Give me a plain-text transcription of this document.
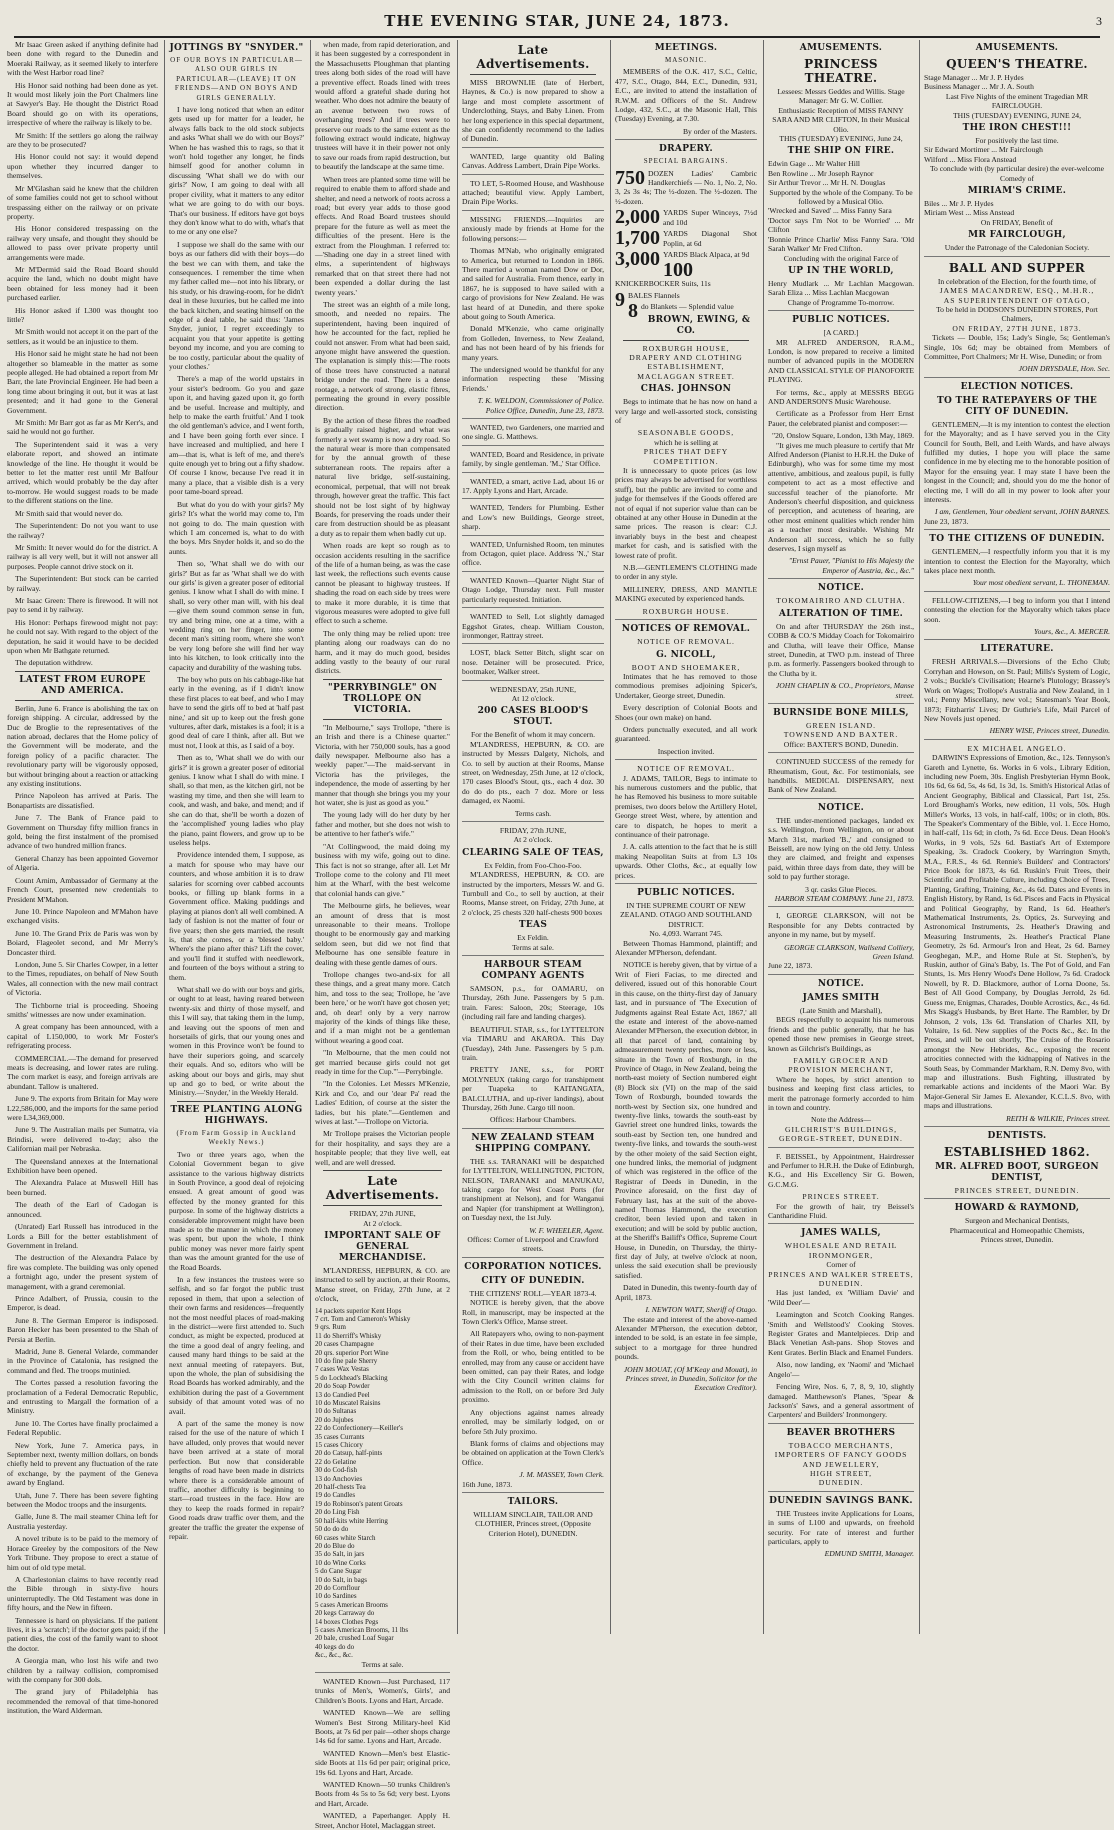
THE EVENING STAR, JUNE 24, 1873.	3

Mr Isaac Green asked if anything definite had been done with regard to the Dunedin and Moeraki Railway, as it seemed likely to interfere with the West Harbor road line?

His Honor said nothing had been done as yet. It would most likely join the Port Chalmers line at Sawyer's Bay. He thought the District Road Board should go on with its operations, irrespective of where the railway is likely to be.

Mr Smith: If the settlers go along the railway are they to be prosecuted?

His Honor could not say: it would depend upon whether they incurred danger to themselves.

Mr M'Glashan said he knew that the children of some families could not get to school without trespassing either on the railway or on private property.

His Honor considered trespassing on the railway very unsafe, and thought they should be allowed to pass over private property until arrangements were made.

Mr M'Dermid said the Road Board should acquire the land, which no doubt might have been obtained for less money had it been purchased earlier.

His Honor asked if L300 was thought too little?

Mr Smith would not accept it on the part of the settlers, as it would be an injustice to them.

His Honor said he might state he had not been altogether so blameable in the matter as some people alleged. He had obtained a report from Mr Barr, the late Provincial Engineer. He had been a long time about bringing it out, but it was at last presented; and it had gone to the General Government.

Mr Smith: Mr Barr got as far as Mr Kerr's, and said he would not go further.

The Superintendent said it was a very elaborate report, and showed an intimate knowledge of the line. He thought it would be better to let the matter rest until Mr Balfour arrived, which would probably be the day after to-morrow. He would suggest roads to be made to the different stations on the line.

Mr Smith said that would never do.

The Superintendent: Do not you want to use the railway?

Mr Smith: It never would do for the district. A railway is all very well, but it will not answer all purposes. People cannot drive stock on it.

The Superintendent: But stock can be carried by railway.

Mr Isaac Green: There is firewood. It will not pay to send it by railway.

His Honor: Perhaps firewood might not pay: he could not say. With regard to the object of the deputation, he said it would have to be decided upon when Mr Bathgate returned.

The deputation withdrew.

LATEST FROM EUROPE AND AMERICA.

Berlin, June 6. France is abolishing the tax on foreign shipping. A circular, addressed by the Duc de Broglie to the representatives of the nation abroad, declares that the Home policy of the Government will be moderate, and the foreign policy of a pacific character. The revolutionary party will be vigorously opposed, but without bringing about a reaction or attacking any existing institutions.

Prince Napoleon has arrived at Paris. The Bonapartists are dissatisfied.

June 7. The Bank of France paid to Government on Thursday fifty million francs in gold, being the first instalment of the promised advance of two hundred million francs.

General Chanzy has been appointed Governor of Algeria.

Count Arnim, Ambassador of Germany at the French Court, presented new credentials to President M'Mahon.

June 10. Prince Napoleon and M'Mahon have exchanged visits.

June 10. The Grand Prix de Paris was won by Boiard, Flageolet second, and Mr Merry's Doncaster third.

London, June 5. Sir Charles Cowper, in a letter to the Times, repudiates, on behalf of New South Wales, all connection with the new mail contract of Victoria.

The Tichborne trial is proceeding. Shoeing smiths' witnesses are now under examination.

A great company has been announced, with a capital of L150,000, to work Mr Foster's refrigerating process.

COMMERCIAL.—The demand for preserved meats is decreasing, and lower rates are ruling. The corn market is easy, and foreign arrivals are abundant. Tallow is unaltered.

June 9. The exports from Britain for May were L22,586,000, and the imports for the same period were L34,369,000.

June 9. The Australian mails per Sumatra, via Brindisi, were delivered to-day; also the Californian mail per Nebraska.

The Queensland annexes at the International Exhibition have been opened.

The Alexandra Palace at Muswell Hill has been burned.

The death of the Earl of Cadogan is announced.

(Unrated) Earl Russell has introduced in the Lords a Bill for the better establishment of Government in Ireland.

The destruction of the Alexandra Palace by fire was complete. The building was only opened a fortnight ago, under the present system of management, with a grand ceremonial.

Prince Adalbert, of Prussia, cousin to the Emperor, is dead.

June 8. The German Emperor is indisposed. Baron Hecker has been presented to the Shah of Persia at Berlin.

Madrid, June 8. General Velarde, commander in the Province of Catalonia, has resigned the command and fled. The troops mutinied.

The Cortes passed a resolution favoring the proclamation of a Federal Democratic Republic, and entrusting to Margall the formation of a Ministry.

June 10. The Cortes have finally proclaimed a Federal Republic.

New York, June 7. America pays, in September next, twenty million dollars, on bonds chiefly held to prevent any fluctuation of the rate of exchange, by the payment of the Geneva award by England.

Utah, June 7. There has been severe fighting between the Modoc troops and the insurgents.

Galle, June 8. The mail steamer China left for Australia yesterday.

A novel tribute is to be paid to the memory of Horace Greeley by the compositors of the New York Tribune. They propose to erect a statue of him out of old type metal.

A Charlestonian claims to have recently read the Bible through in sixty-five hours uninterruptedly. The Old Testament was done in fifty hours, and the New in fifteen.

Tennessee is hard on physicians. If the patient lives, it is a 'scratch'; if the doctor gets paid; if the patient dies, the cost of the family want to shoot the doctor.

A Georgia man, who lost his wife and two children by a railway collision, compromised with the company for 300 dols.

The grand jury of Philadelphia has recommended the removal of that time-honored institution, the Ward Alderman.

JOTTINGS BY "SNYDER."
OF OUR BOYS IN PARTICULAR—ALSO OUR GIRLS IN PARTICULAR—(LEAVE) IT ON FRIENDS—AND ON BOYS AND GIRLS GENERALLY.

I have long noticed that when an editor gets used up for matter for a leader, he always falls back to the old stock subjects and asks 'What shall we do with our Boys?' When he has washed this to rags, so that it won't hold together any longer, he finds himself good for another column in discussing 'What shall we do with our girls?' Now, I am going to deal with all proper civility, what it matters to any editor what we are going to do with our boys. That's our business. If editors have got boys they don't know what to do with, what's that to me or any one else?

I suppose we shall do the same with our boys as our fathers did with their boys—do the best we can with them, and take the consequences. I remember the time when my father called me—not into his library, or his study, or his drawing-room, for he didn't deal in these luxuries, but he called me into the back kitchen, and seating himself on the edge of a deal table, he said thus: 'James Snyder, junior, I regret exceedingly to acquaint you that your appetite is getting beyond my income, and you are coming to be too costly, particular about the quality of your clothes.'

There's a map of the world upstairs in your sister's bedroom. Go you and gaze upon it, and having gazed upon it, go forth and be useful. Increase and multiply, and help to make the earth fruitful.' And I took the old gentleman's advice, and I went forth, and I have been going forth ever since. I have increased and multiplied, and here I am—that is, what is left of me, and there's quite enough yet to bring out a fifty shadow. Of course I know, because I've read it in many a place, that a visible dish is a very poor tame-board spread.

But what do you do with your girls? My girls? It's what the world may come to, I'm not going to do. The main question with which I am concerned is, what to do with the boys. Mrs Snyder holds it, and so do the aunts.

Then so, 'What shall we do with our girls?' But as far as 'What shall we do with our girls' is given a greater poser of editorial genius. I know what I shall do with mine. I shall, so very other man will, with his deal—give them sound common sense in fun, try and bring mine, one at a time, with a wedding ring on her finger, into some decent man's sitting room, where she won't be very long before she will find her way into his kitchen, to look critically into the capacity and durability of the washing tubs.

The boy who puts on his cabbage-like hat early in the evening, as if I didn't know these first places to eat beef, and who I may have to send the girls off to bed at 'half past nine,' and sit up to keep out the fresh gone vultures, after dark, mistakes is a fool; it is a good deal of care I think, after all. But we must not, I look at this, as I said of a boy.

Then as to, 'What shall we do with our girls?' it is grown a greater poser of editorial genius. I know what I shall do with mine. I shall, so that men, as the kitchen girl, not be wasting my time, and then she will learn to cook, and wash, and bake, and mend; and if she can do that, she'll be worth a dozen of the 'accomplished' young ladies who play the piano, paint flowers, and grow up to be useless helps.

Providence intended them, I suppose, as a match for spouse who may have our counters, and whose ambition it is to draw salaries for scorning over cabbed accounts books, or filling up blank forms in a Government office. Making puddings and playing at pianos don't all well combined. A lady of fashion is not the matter of four or five years; then she gets married, the result is, that she comes, or a 'blessed baby.' Where's the piano after this? Lift the cover, and you'll find it stuffed with needlework, and fourteen of the boys without a string to them.

What shall we do with our boys and girls, or ought to at least, having reared between twenty-six and thirty of those myself, and this I will say, that taking them in the lump, and leaving out the spoons of men and horsetails of girls, that our young ones and women in this Province won't be found to have their superiors going, and scarcely their equals. And so, editors who will be asking about our boys and girls, may shut up and go to bed, or write about the Ministry.—'Snyder,' in the Weekly Herald.

TREE PLANTING ALONG HIGHWAYS.
(From Farm Gossip in Auckland Weekly News.)

Two or three years ago, when the Colonial Government began to give assistance to the various highway districts in South Province, a good deal of rejoicing ensued. A great amount of good was effected by the money granted for this purpose. In some of the highway districts a considerable improvement might have been made as to the manner in which the money was spent, but upon the whole, I think public money was never more fairly spent than was the amount granted for the use of the Road Boards.

In a few instances the trustees were so selfish, and so far forgot the public trust reposed in them, that upon a selection of their own farms and residences—frequently not the most needful places of road-making in the district—were first attended to. Such conduct, as might be expected, produced at the time a good deal of angry feeling, and caused many hard things to be said at the next annual meeting of ratepayers. But, upon the whole, the plan of subsidising the Road Boards has worked admirably, and the exhibition during the past of a Government subsidy of that amount voted was of no avail.

A part of the same the money is now raised for the use of the nature of which I have alluded, only proves that would never have been arrived at a state of moral perfection. But now that considerable lengths of road have been made in districts where there is a considerable amount of traffic, another difficulty is beginning to start—road trustees in the face. How are they to keep the roads formed in repair? Good roads draw traffic over them, and the greater the traffic the greater the expense of repair.

when made, from rapid deterioration, and it has been suggested by a correspondent in the Massachusetts Ploughman that planting trees along both sides of the road will have a preventive effect. Roads lined with trees would afford a grateful shade during hot weather. Who does not admire the beauty of an avenue between two rows of overhanging trees? And if trees were to preserve our roads to the same extent as the following extract would indicate, highway trustees will have it in their power not only to save our roads from rapid destruction, but to beautify the landscape at the same time.

When trees are planted some time will be required to enable them to afford shade and shelter, and need a network of roots across a road; but every year adds to those good effects. And Road Board trustees should prepare for the future as well as meet the difficulties of the present. Here is the extract from the Ploughman. I referred to: —'Shading one day in a street lined with elms, a superintendent of highways remarked that on that street there had not been expended a dollar during the last twenty years.'

The street was an eighth of a mile long, smooth, and needed no repairs. The superintendent, having been inquired of how he accounted for the fact, replied he could not answer. From what had been said, anyone might have answered the question. The explanation is simply this:—The roots of those trees have constructed a natural bridge under the road. There is a dense rootage, a network of strong, elastic fibres, permeating the ground in every possible direction.

By the action of these fibres the roadbed is gradually raised higher, and what was formerly a wet swamp is now a dry road. So the natural wear is more than compensated for by the annual growth of these subterranean roots. The repairs after a natural live bridge, self-sustaining, economical, perpetual, that will not break through, however great the traffic. This fact should not be lost sight of by highway Boards, for preserving the roads under their care from destruction should be as pleasant a duty as to repair them when badly cut up.

When roads are kept so rough as to occasion accidents resulting in the sacrifice of the life of a human being, as was the case last week, the reflections such events cause cannot be pleasant to highway trustees. If shading the road on each side by trees were to make it more durable, it is time that vigorous measures were adopted to give full effect to such a scheme.

The only thing may be relied upon: tree planting along our roadways can do no harm, and it may do much good, besides adding vastly to the beauty of our rural districts.

"PERRYBINGLE" ON TROLLOPE ON VICTORIA.

"In Melbourne," says Trollope, "there is an Irish and there is a Chinese quarter." Victoria, with her 750,000 souls, has a good daily newspaper. Melbourne also has a weekly paper."—The maid-servant in Victoria has the privileges, the independence, the mode of asserting by her manner that though she brings you my your hot water, she is just as good as you."

The young lady will do her duty by her father and mother, but she does not wish to be attentive to her father's wife."

"At Collingwood, the maid doing my business with my wife, going out to dine. This fact is not so strange, after all. Let Mr Trollope come to the colony and I'll meet him at the Wharf, with the best welcome that colonial hands can give."

The Melbourne girls, he believes, wear an amount of dress that is most unreasonable to their means. Trollope thought to be enormously gay and marking seldom seen, but did we not find that Melbourne has one sensible feature in dealing with these gentle dames of ours.

Trollope changes two-and-six for all these things, and a great many more. Catch him, and toss to the sea; Trollope, he 'ave been here,' or he won't have got chosen yet; and, oh dear! only by a very narrow majority of the kinds of things like these, and if a man might not be a gentleman without wearing a good coat.

"In Melbourne, that the men could not get married because girls could not get ready in time for the Cup.'"—Perrybingle.

"In the Colonies. Let Messrs M'Kenzie, Kirk and Co, and our 'dear Pa' read the Ladies' Edition, of course at the sister the ladies, but his plate."—Gentlemen and wives at last."—Trollope on Victoria.

Mr Trollope praises the Victorian people for their hospitality, and says they are a hospitable people; that they live well, eat well, and are well dressed.

Late Advertisements.
FRIDAY, 27th JUNE,
At 2 o'clock.
IMPORTANT SALE OF GENERAL MERCHANDISE.

M'LANDRESS, HEPBURN, & CO. are instructed to sell by auction, at their Rooms, Manse street, on Friday, 27th June, at 2 o'clock,

14 packets superior Kent Hops
7 crt. Tom and Cameron's Whisky
9 qrs. Rum
11 do Sherriff's Whisky
20 cases Champagne
20 qrs. superior Port Wine
10 do fine pale Sherry
7 cases Wax Vestas
5 do Lockhead's Blacking
20 do Soap Powder
13 do Candied Peel
10 do Muscatel Raisins
10 do Sultanas
20 do Jujubes
22 do Confectionery—Keiller's
35 cases Currants
15 cases Chicory
20 do Catsup, half-pints
22 do Gelatine
30 do Cod-fish
13 do Anchovies
20 half-chests Tea
19 do Candles
19 do Robinson's patent Groats
20 do Ling Fish
50 half-kits white Herring
50 do do do
60 cases white Starch
20 do Blue do
35 do Salt, in jars
10 do Wine Corks
5 do Cane Sugar
10 do Salt, in bags
20 do Cornflour
10 do Sardines
5 cases American Brooms
20 kegs Carraway do
14 boxes Clothes Pegs
5 cases American Brooms, 11 lbs
20 bale, crushed Loaf Sugar
40 kegs do do
&c., &c., &c.
Terms at sale.

WANTED Known—Just Purchased, 117 trunks of Men's, Women's, Girls', and Children's Boots. Lyons and Hart, Arcade.

WANTED Known—We are selling Women's Best Strong Military-heel Kid Boots, at 7s 6d per pair—other shops charge 14s 6d for same. Lyons and Hart, Arcade.

WANTED Known—Men's best Elastic-side Boots at 11s 6d per pair; original price, 19s 6d. Lyons and Hart, Arcade.

WANTED Known—50 trunks Children's Boots from 4s 5s to 5s 6d; very best. Lyons and Hart, Arcade.

WANTED, a Paperhanger. Apply H. Street, Anchor Hotel, Maclaggan street.

Late Advertisements.

MISS BROWNLIE (late of Herbert, Haynes, & Co.) is now prepared to show a large and most complete assortment of Underclothing, Stays, and Baby Linen. From her long experience in this special department, she can confidently recommend to the ladies of Dunedin.

WANTED, large quantity old Baling Canvas. Address Lambert, Drain Pipe Works.

TO LET, 5-Roomed House, and Washhouse attached; beautiful view. Apply Lambert, Drain Pipe Works.

MISSING FRIENDS.—Inquiries are anxiously made by friends at Home for the following persons:—

Thomas M'Nab, who originally emigrated to America, but returned to London in 1866. There married a woman named Dow or Dor, and sailed for Australia. From thence, early in 1867, he is supposed to have sailed with a cargo of provisions for New Zealand. He was last heard of at Dunedin, and there spoke about going to South America.

Donald M'Kenzie, who came originally from Golleden, Inverness, to New Zealand, and has not been heard of by his friends for many years.

The undersigned would be thankful for any information respecting these 'Missing Friends.'

T. K. WELDON, Commissioner of Police. Police Office, Dunedin, June 23, 1873.

WANTED, two Gardeners, one married and one single. G. Matthews.

WANTED, Board and Residence, in private family, by single gentleman. 'M.,' Star Office.

WANTED, a smart, active Lad, about 16 or 17. Apply Lyons and Hart, Arcade.

WANTED, Tenders for Plumbing. Esther and Low's new Buildings, George street, sharp.

WANTED, Unfurnished Room, ten minutes from Octagon, quiet place. Address 'N.,' Star office.

WANTED Known—Quarter Night Star of Otago Lodge, Thursday next. Full muster particularly requested. Initiation.

WANTED to Sell, Lot slightly damaged Eggshot Grates, cheap. William Couston, ironmonger, Rattray street.

LOST, black Setter Bitch, slight scar on nose. Detainer will be prosecuted. Price, bootmaker, Walker street.

WEDNESDAY, 25th JUNE,
At 12 o'clock.
200 CASES BLOOD'S STOUT.
For the Benefit of whom it may concern.

M'LANDRESS, HEPBURN, & CO. are instructed by Messrs Dalgety, Nichols, and Co. to sell by auction at their Rooms, Manse street, on Wednesday, 25th June, at 12 o'clock, 170 cases Blood's Stout, qts., each 4 doz. 30 do do do pts., each 7 doz. More or less damaged, ex Naomi.

Terms cash.
FRIDAY, 27th JUNE,
At 2 o'clock.
CLEARING SALE OF TEAS,
Ex Feldin, from Foo-Choo-Foo.

M'LANDRESS, HEPBURN, & CO. are instructed by the importers, Messrs W. and G. Turnbull and Co., to sell by auction, at their Rooms, Manse street, on Friday, 27th June, at 2 o'clock, 25 chests 320 half-chests 900 boxes

TEAS
Ex Feldin.
Terms at sale.
HARBOUR STEAM COMPANY AGENTS

SAMSON, p.s., for OAMARU, on Thursday, 26th June. Passengers by 5 p.m. train. Fares: Saloon, 20s; Steerage, 10s (including rail fare and landing charges).

BEAUTIFUL STAR, s.s., for LYTTELTON via TIMARU and AKAROA. This Day (Tuesday), 24th June. Passengers by 5 p.m. train.

PRETTY JANE, s.s., for PORT MOLYNEUX (taking cargo for transhipment per Tuapeka to KAITANGATA, BALCLUTHA, and up-river landings), about Thursday, 26th June. Cargo till noon.

Offices: Harbour Chambers.
NEW ZEALAND STEAM SHIPPING COMPANY.

THE s.s. TARANAKI will be despatched for LYTTELTON, WELLINGTON, PICTON, NELSON, TARANAKI and MANUKAU, taking cargo for West Coast Ports (for transhipment at Nelson), and for Wanganui and Napier (for transhipment at Wellington), on Tuesday next, the 1st July.

W. F. WHEELER, Agent.
Offices: Corner of Liverpool and Crawford streets.
CORPORATION NOTICES.
CITY OF DUNEDIN.
THE CITIZENS' ROLL—YEAR 1873-4.

NOTICE is hereby given, that the above Roll, in manuscript, may be inspected at the Town Clerk's Office, Manse street.

All Ratepayers who, owing to non-payment of their Rates in due time, have been excluded from the Roll, or who, being entitled to be enrolled, may from any cause or accident have been omitted, can pay their Rates, and lodge with the City Council written claims for admission to the Roll, on or before 3rd July proximo.

Any objections against names already enrolled, may be similarly lodged, on or before 5th July proximo.

Blank forms of claims and objections may be obtained on application at the Town Clerk's Office.

J. M. MASSEY, Town Clerk.
16th June, 1873.
TAILORS.

WILLIAM SINCLAIR, TAILOR AND CLOTHIER, Princes street, (Opposite Criterion Hotel), DUNEDIN.

MEETINGS.
MASONIC.

MEMBERS of the O.K. 417, S.C., Celtic, 477, S.C., Otago, 844, E.C., Dunedin, 931, E.C., are invited to attend the installation of R.W.M. and Officers of the St. Andrew Lodge, 432, S.C., at the Masonic Hall, This (Tuesday) Evening, at 7.30.

By order of the Masters.
DRAPERY.
SPECIAL BARGAINS.
750 DOZEN Ladies' Cambric Handkerchiefs — No. 1, No. 2, No. 3, 2s 3s 4s; The ½-dozen. The ½-dozen. The ½-dozen.
2,000 YARDS Super Winceys, 7½d and 10d
1,700 YARDS Diagonal Shot Poplin, at 6d
3,000 YARDS Black Alpaca, at 9d
100
KNICKERBOCKER Suits, 11s
9 BALES Flannels
8 do Blankets — Splendid value
BROWN, EWING, & CO.
ROXBURGH HOUSE,
DRAPERY AND CLOTHING
ESTABLISHMENT,
MACLAGGAN STREET.
CHAS. JOHNSON

Begs to intimate that he has now on hand a very large and well-assorted stock, consisting of

SEASONABLE GOODS,
which he is selling at
PRICES THAT DEFY COMPETITION.

It is unnecessary to quote prices (as low prices may always be advertised for worthless stuff), but the public are invited to come and judge for themselves if the Goods offered are not of equal if not superior value than can be obtained at any other House in Dunedin at the same prices. The reason is clear: C.J. invariably buys in the best and cheapest market for cash, and is satisfied with the lowest rate of profit.

N.B.—GENTLEMEN'S CLOTHING made to order in any style.

MILLINERY, DRESS, AND MANTLE MAKING executed by experienced hands.

ROXBURGH HOUSE.
NOTICES OF REMOVAL.
NOTICE OF REMOVAL.
G. NICOLL,
BOOT AND SHOEMAKER,

Intimates that he has removed to those commodious premises adjoining Spicer's, Undertaker, George street, Dunedin.

Every description of Colonial Boots and Shoes (our own make) on hand.

Orders punctually executed, and all work guaranteed.

Inspection invited.
NOTICE OF REMOVAL.

J. ADAMS, TAILOR, Begs to intimate to his numerous customers and the public, that he has Removed his business to more suitable premises, two doors below the Artillery Hotel, George street West, where, by attention and care to dispatch, he hopes to merit a continuance of their patronage.

J. A. calls attention to the fact that he is still making Neapolitan Suits at from L3 10s upwards. Other Cloths, &c., at equally low prices.

PUBLIC NOTICES.
IN THE SUPREME COURT OF NEW ZEALAND. OTAGO AND SOUTHLAND DISTRICT.
No. 4,093. Warrant 745.

Between Thomas Hammond, plaintiff; and Alexander M'Pherson, defendant.

NOTICE is hereby given, that by virtue of a Writ of Fieri Facias, to me directed and delivered, issued out of this honorable Court in this cause, on the thirty-first day of January last, and in pursuance of 'The Execution of Judgments against Real Estate Act, 1867,' all the estate and interest of the above-named Alexander M'Pherson, the execution debtor, in all that parcel of land, containing by admeasurement twenty perches, more or less, situate in the Town of Roxburgh, in the Province of Otago, in New Zealand, being the north-east moiety of Section numbered eight (8) Block six (VI) on the map of the said Town of Roxburgh, bounded towards the north-west by Section six, one hundred and twenty-five links, towards the south-east by Gavriel street one hundred links, towards the south-east by Section ten, one hundred and twenty-five links, and towards the south-west by the other moiety of the said Section eight, one hundred links, the memorial of judgment of which was registered in the office of the Registrar of Deeds in Dunedin, in the Province aforesaid, on the first day of February last, has at the suit of the above-named Thomas Hammond, the execution creditor, been levied upon and taken in execution; and will be sold by public auction, at the Sheriff's Bailiff's Office, Supreme Court House, in Dunedin, on Thursday, the thirty-first day of July, at twelve o'clock at noon, unless the said execution shall be previously satisfied.

Dated in Dunedin, this twenty-fourth day of April, 1873.

I. NEWTON WATT, Sheriff of Otago.

The estate and interest of the above-named Alexander M'Pherson, the execution debtor, intended to be sold, is an estate in fee simple, subject to a mortgage for three hundred pounds.

JOHN MOUAT, (Of M'Keay and Mouat), in Princes street, in Dunedin, Solicitor for the Execution Creditor).
AMUSEMENTS.
PRINCESS THEATRE.
Lessees: Messrs Geddes and Willis. Stage Manager: Mr G. W. Collier.
Enthusiastic Reception of MISS FANNY SARA AND MR CLIFTON, In their Musical Olio.
THIS (TUESDAY) EVENING, June 24,
THE SHIP ON FIRE.
Edwin Gage ... Mr Walter Hill
Ben Rowline ... Mr Joseph Raynor
Sir Arthur Trevor ... Mr H. N. Douglas
Supported by the whole of the Company. To be followed by a Musical Olio.
'Wrecked and Saved' ... Miss Fanny Sara
'Doctor says I'm Not to be Worried' ... Mr Clifton
'Bonnie Prince Charlie' Miss Fanny Sara. 'Old Sarah Walker' Mr Fred Clifton.
Concluding with the original Farce of
UP IN THE WORLD,
Henry Mudlark ... Mr Lachlan Macgowan. Sarah Eliza ... Miss Lachlan Macgowan
Change of Programme To-morrow.
PUBLIC NOTICES.
[A CARD.]

MR ALFRED ANDERSON, R.A.M., London, is now prepared to receive a limited number of advanced pupils in the MODERN AND CLASSICAL STYLE OF PIANOFORTE PLAYING.

For terms, &c., apply at MESSRS BEGG AND ANDERSON'S Music Warehouse.

Certificate as a Professor from Herr Ernst Pauer, the celebrated pianist and composer:—

"20, Onslow Square, London, 13th May, 1869.

"It gives me much pleasure to certify that Mr Alfred Anderson (Pianist to H.R.H. the Duke of Edinburgh), who was for some time my most attentive, ambitious, and zealous pupil, is fully competent to act as a most effective and successful teacher of the pianoforte. Mr Anderson's cheerful disposition, and quickness of perception, and acuteness of hearing, are other most eminent qualities which render him as a teacher most desirable. Wishing Mr Anderson all success, which he so fully deserves, I sign myself as

"Ernst Pauer, "Pianist to His Majesty the Emperor of Austria, &c., &c."
NOTICE.
TOKOMAIRIRO AND CLUTHA.
ALTERATION OF TIME.

On and after THURSDAY the 26th inst., COBB & CO.'S Midday Coach for Tokomairiro and Clutha, will leave their Office, Manse street, Dunedin, at TWO p.m. instead of Three p.m. as formerly. Passengers booked through to the Clutha by it.

JOHN CHAPLIN & CO., Proprietors, Manse street.
BURNSIDE BONE MILLS,
GREEN ISLAND.
TOWNSEND AND BAXTER.
Office: BAXTER'S BOND, Dunedin.

CONTINUED SUCCESS of the remedy for Rheumatism, Gout, &c. For testimonials, see handbills. MEDICAL DISPENSARY, next Bank of New Zealand.

NOTICE.

THE under-mentioned packages, landed ex s.s. Wellington, from Wellington, on or about March 31st, marked 'B.,' and consigned to Beissell, are now lying on the old Jetty. Unless they are claimed, and freight and expenses paid, within three days from date, they will be sold to pay further storage.

3 qr. casks Glue Pieces.
HARBOR STEAM COMPANY. June 21, 1873.

I, GEORGE CLARKSON, will not be Responsible for any Debts contracted by anyone in my name, but by myself.

GEORGE CLARKSON, Wallsend Colliery, Green Island.
June 22, 1873.
NOTICE.
JAMES SMITH
(Late Smith and Marshall),

BEGS respectfully to acquaint his numerous friends and the public generally, that he has opened those new premises in George street, known as Gilchrist's Buildings, as

FAMILY GROCER AND PROVISION MERCHANT,

Where he hopes, by strict attention to business and keeping first class articles, to merit the patronage formerly accorded to him in town and country.

Note the Address—
GILCHRIST'S BUILDINGS, GEORGE-STREET, DUNEDIN.

F. BEISSEL, by Appointment, Hairdresser and Perfumer to H.R.H. the Duke of Edinburgh, K.G., and His Excellency Sir G. Bowen, G.C.M.G.

PRINCES STREET.

For the growth of hair, try Beissel's Cantharidine Fluid.

JAMES WALLS,
WHOLESALE AND RETAIL IRONMONGER,
Corner of
PRINCES AND WALKER STREETS,
DUNEDIN.

Has just landed, ex 'William Davie' and 'Wild Deer'—

Leamington and Scotch Cooking Ranges. 'Smith and Wellstood's' Cooking Stoves. Register Grates and Mantelpieces. Drip and Black Venetian Ash-pans. Shop Stoves and Kent Grates. Berlin Black and Enamel Funders.

Also, now landing, ex 'Naomi' and 'Michael Angelo'—

Fencing Wire, Nos. 6, 7, 8, 9, 10, slightly damaged. Matthewson's Planes, 'Spear & Jackson's' Saws, and a general assortment of Carpenters' and Builders' Ironmongery.

BEAVER BROTHERS
TOBACCO MERCHANTS,
IMPORTERS OF FANCY GOODS AND JEWELLERY,
HIGH STREET,
DUNEDIN.
DUNEDIN SAVINGS BANK.

THE Trustees invite Applications for Loans, in sums of L100 and upwards, on freehold security. For rate of interest and further particulars, apply to

EDMUND SMITH, Manager.
AMUSEMENTS.
QUEEN'S THEATRE.
Stage Manager ... Mr J. P. Hydes
Business Manager ... Mr J. A. South
Last Five Nights of the eminent Tragedian MR FAIRCLOUGH.
THIS (TUESDAY) EVENING, JUNE 24,
THE IRON CHEST!!!
For positively the last time.
Sir Edward Mortimer ... Mr Fairclough
Wilford ... Miss Flora Anstead
To conclude with (by particular desire) the ever-welcome Comedy of
MIRIAM'S CRIME.
Biles ... Mr J. P. Hydes
Miriam West ... Miss Anstead
On FRIDAY, Benefit of
MR FAIRCLOUGH,
Under the Patronage of the Caledonian Society.
BALL AND SUPPER
In celebration of the Election, for the fourth time, of
JAMES MACANDREW, ESQ., M.H.R.,
AS SUPERINTENDENT OF OTAGO,
To be held in DODSON'S DUNEDIN STORES, Port Chalmers,
ON FRIDAY, 27TH JUNE, 1873.

Tickets — Double, 15s; Lady's Single, 5s; Gentleman's Single, 10s 6d; may be obtained from Members of Committee, Port Chalmers; Mr H. Wise, Dunedin; or from

JOHN DRYSDALE, Hon. Sec.
ELECTION NOTICES.
TO THE RATEPAYERS OF THE CITY OF DUNEDIN.

GENTLEMEN,—It is my intention to contest the election for the Mayoralty; and as I have served you in the City Council for South, Bell, and Leith Wards, and have always fulfilled my duties, I hope you will place the same confidence in me by electing me to the honorable position of Mayor for the ensuing year. I may state I have been the longest in the Council; and, should you do me the honor of electing me, I will do all in my power to look after your interests.

I am, Gentlemen, Your obedient servant, JOHN BARNES.
June 23, 1873.
TO THE CITIZENS OF DUNEDIN.

GENTLEMEN,—I respectfully inform you that it is my intention to contest the Election for the Mayoralty, which takes place next month.

Your most obedient servant, L. THONEMAN.

FELLOW-CITIZENS,—I beg to inform you that I intend contesting the election for the Mayoralty which takes place soon.

Yours, &c., A. MERCER.
LITERATURE.

FRESH ARRIVALS.—Diversions of the Echo Club; Corryhan and Howson, on St. Paul; Mills's System of Logic, 2 vols.; Buckle's Civilisation; Hearne's Plutology; Brassey's Work on Wages; Trollope's Australia and New Zealand, in 1 vol.; Penny Miscellany, new vol.; Statesman's Year Book, 1873; Fitzharris' Lives; Dr Guthrie's Life, Mail Parcel of New Novels just opened.

HENRY WISE, Princes street, Dunedin.
EX MICHAEL ANGELO.

DARWIN'S Expressions of Emotion, &c., 12s. Tennyson's Gareth and Lynette, 6s. Works in 6 vols., Library Edition, including new Poem, 30s. English Presbyterian Hymn Book, 10s 6d, 6s 6d, 5s, 4s 6d, 1s 3d, 1s. Smith's Historical Atlas of Ancient Geography, Biblical and Classical, Part 1st, 25s. Lord Brougham's Works, new edition, 11 vols, 50s. Hugh Miller's Works, 13 vols, in half-calf, 100s; or in cloth, 80s. The Speaker's Commentary of the Bible, vol. 1. Ecce Homo, in half-calf, 11s 6d; in cloth, 7s 6d. Ecce Deus. Dean Hook's Works, in 9 vols, 52s 6d. Bastiat's Art of Extempore Speaking, 3s. Cradock Cookery, by Warrington Smyth, M.A., F.R.S., 4s 6d. Rennie's Builders' and Contractors' Price Book for 1873, 4s 6d. Ruskin's Fruit Trees, their Scientific and Profitable Culture, including Choice of Trees, Planting, Grafting, Training, &c., 4s 6d. Dates and Events in English History, by Rand, 1s 6d. Pisces and Facts in Physical and Political Geography, by Rand, 1s 6d. Heather's Mathematical Instruments, 2s. Optics, 2s. Surveying and Astronomical Instruments, 2s. Heather's Drawing and Measuring Instruments, 2s. Heather's Practical Plane Geometry, 2s 6d. Armour's Iron and Heat, 2s 6d. Barney Geoghegan, M.P., and Home Rule at St. Stephen's, by Ruskin, author of Gina's Baby, 1s. The Pot of Gold, and Fan Stunts, 1s. Mrs Henry Wood's Dene Hollow, 7s 6d. Cradock Nowell, by R. D. Blackmore, author of Lorna Doone, 5s. Best of All Good Company, by Douglas Jerrold, 2s 6d. Guess me, Enigmas, Charades, Double Acrostics, &c., 4s 6d. Mrs Skagg's Husbands, by Bret Harte. The Rambler, by Dr Johnson, 2 vols, 13s 6d. Translation of Charles XII, by Voltaire, 1s 6d. New supplies of the Pocts &c., &c. In the Press, and will be out shortly, The Cruise of the Rosario amongst the New Hebrides, &c., exposing the recent atrocities connected with the kidnapping of Natives in the South Seas, by Commander Markham, R.N. Demy 8vo, with map and illustrations. Bush Fighting, illustrated by remarkable actions and incidents of the Maori War. By Major-General Sir James E. Alexander, K.C.L.S. 8vo, with maps and illustrations.

REITH & WILKIE, Princes street.
DENTISTS.
ESTABLISHED 1862.
MR. ALFRED BOOT, SURGEON DENTIST,
PRINCES STREET, DUNEDIN.
HOWARD & RAYMOND,
Surgeon and Mechanical Dentists,
Pharmaceutical and Homeopathic Chemists,
Princes street, Dunedin.
